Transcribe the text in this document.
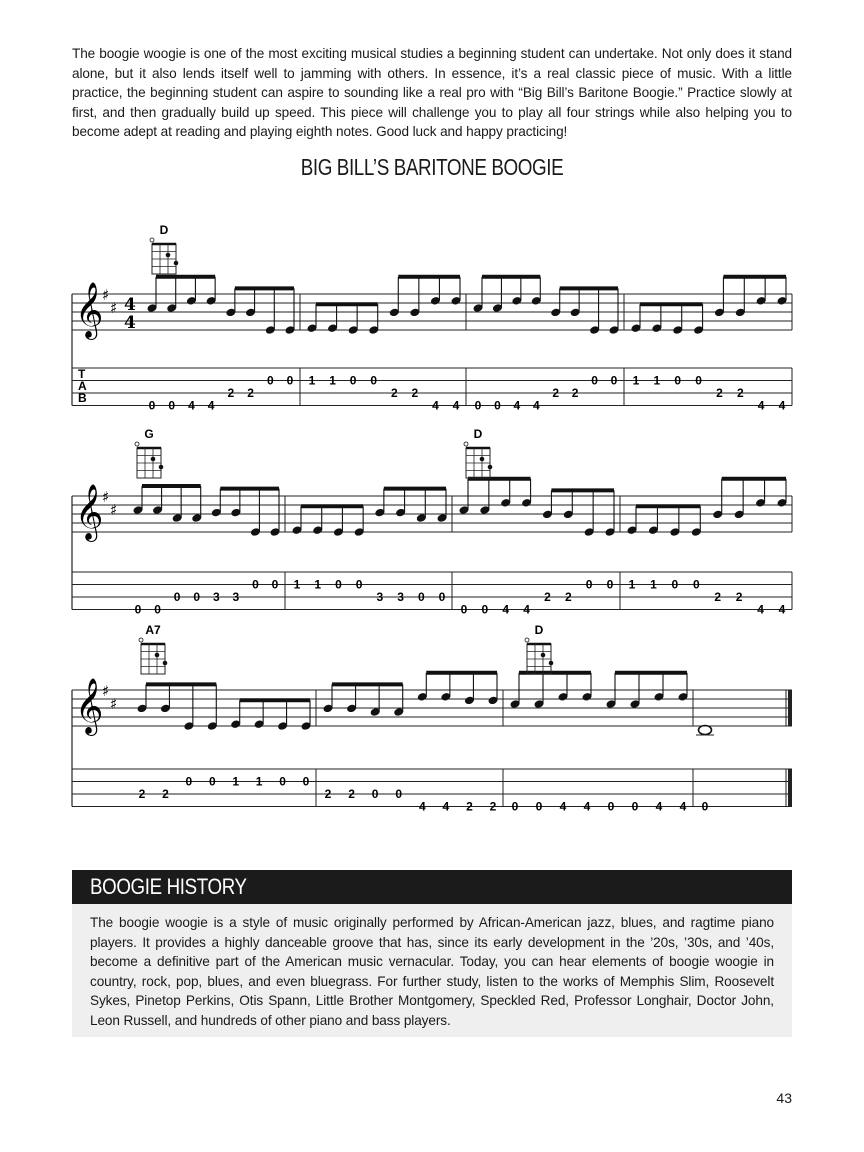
The boogie woogie is one of the most exciting musical studies a beginning student can undertake. Not only does it stand alone, but it also lends itself well to jamming with others. In essence, it’s a real classic piece of music. With a little practice, the beginning student can aspire to sounding like a real pro with “Big Bill’s Baritone Boogie.” Practice slowly at first, and then gradually build up speed. This piece will challenge you to play all four strings while also helping you to become adept at reading and playing eighth notes. Good luck and happy practicing!
BIG BILL’S BARITONE BOOGIE
𝄞
♯
♯ 4
4
T
A
B
0 0 4 4
2 2
0 0 1 1 0 0
2 2
4 4 0 0 4 4
2 2
0 0 1 1 0 0
2 2
4 4
D
𝄞
♯
♯
0 0
0 0 3 3
0 0 1 1 0 0
3 3 0 0
0 0 4 4
2 2
0 0 1 1 0 0
2 2
4 4
G	D
𝄞
♯
♯
2 2
0 0 1 1 0 0
2 2 0 0
4 4 2 2 0 0 4 4 0 0 4 4 0
A7	D
BOOGIE HISTORY
The boogie woogie is a style of music originally performed by African-American jazz, blues, and ragtime piano players. It provides a highly danceable groove that has, since its early development in the ’20s, ’30s, and ’40s, become a definitive part of the American music vernacular. Today, you can hear elements of boogie woogie in country, rock, pop, blues, and even bluegrass. For further study, listen to the works of Memphis Slim, Roosevelt Sykes, Pinetop Perkins, Otis Spann, Little Brother Montgomery, Speckled Red, Professor Longhair, Doctor John, Leon Russell, and hundreds of other piano and bass players.
43
